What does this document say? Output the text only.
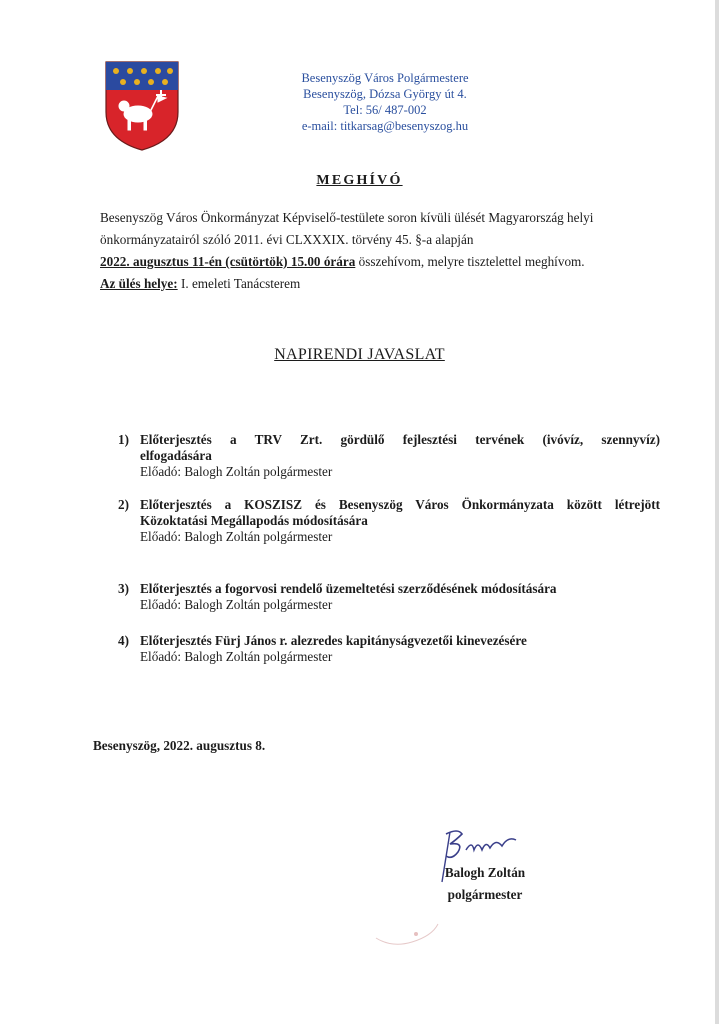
Besenyszög Város Polgármestere
Besenyszög, Dózsa György út 4.
Tel: 56/ 487-002
e-mail: titkarsag@besenyszog.hu
MEGHÍVÓ
Besenyszög Város Önkormányzat Képviselő-testülete soron kívüli ülését Magyarország helyi
önkormányzatairól szóló 2011. évi CLXXXIX. törvény 45. §-a alapján
2022. augusztus 11-én (csütörtök) 15.00 órára összehívom, melyre tisztelettel meghívom.
Az ülés helye: I. emeleti Tanácsterem
NAPIRENDI JAVASLAT
1) Előterjesztés a TRV Zrt. gördülő fejlesztési tervének (ivóvíz, szennyvíz)
elfogadására
Előadó: Balogh Zoltán polgármester
2) Előterjesztés a KOSZISZ és Besenyszög Város Önkormányzata között létrejött
Közoktatási Megállapodás módosítására
Előadó: Balogh Zoltán polgármester
3) Előterjesztés a fogorvosi rendelő üzemeltetési szerződésének módosítására
Előadó: Balogh Zoltán polgármester
4) Előterjesztés Fürj János r. alezredes kapitányságvezetői kinevezésére
Előadó: Balogh Zoltán polgármester
Besenyszög, 2022. augusztus 8.
Balogh Zoltán
polgármester
